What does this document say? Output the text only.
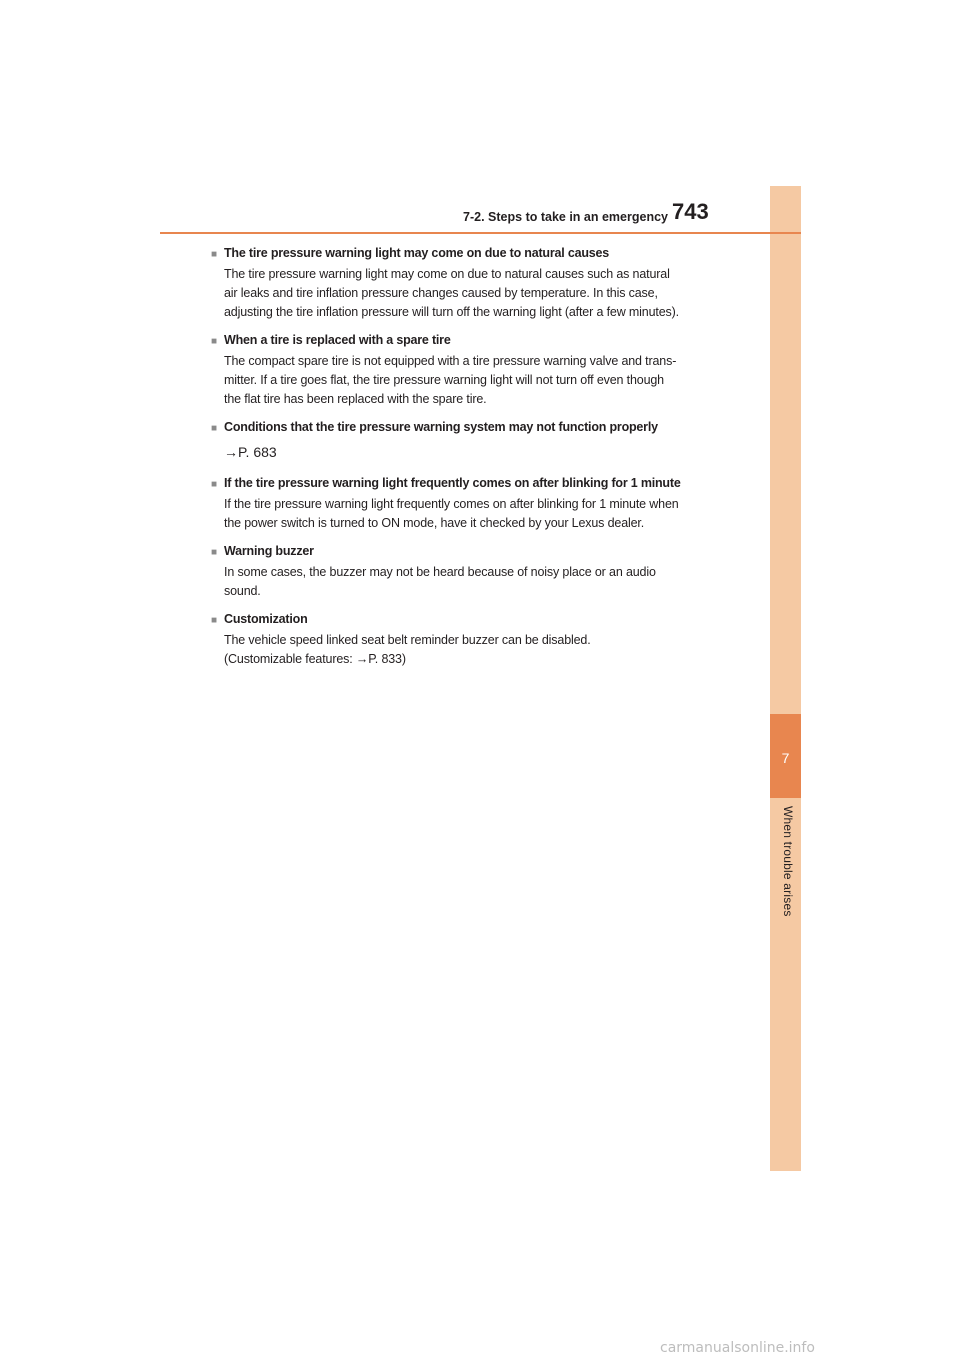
7
When trouble arises
7-2. Steps to take in an emergency 743
■ The tire pressure warning light may come on due to natural causes
The tire pressure warning light may come on due to natural causes such as natural
air leaks and tire inflation pressure changes caused by temperature. In this case,
adjusting the tire inflation pressure will turn off the warning light (after a few minutes).
■ When a tire is replaced with a spare tire
The compact spare tire is not equipped with a tire pressure warning valve and trans-
mitter. If a tire goes flat, the tire pressure warning light will not turn off even though
the flat tire has been replaced with the spare tire.
■ Conditions that the tire pressure warning system may not function properly
→P. 683
■ If the tire pressure warning light frequently comes on after blinking for 1 minute
If the tire pressure warning light frequently comes on after blinking for 1 minute when
the power switch is turned to ON mode, have it checked by your Lexus dealer.
■ Warning buzzer
In some cases, the buzzer may not be heard because of noisy place or an audio
sound.
■ Customization
The vehicle speed linked seat belt reminder buzzer can be disabled.
(Customizable features: →P. 833)
carmanualsonline.info
